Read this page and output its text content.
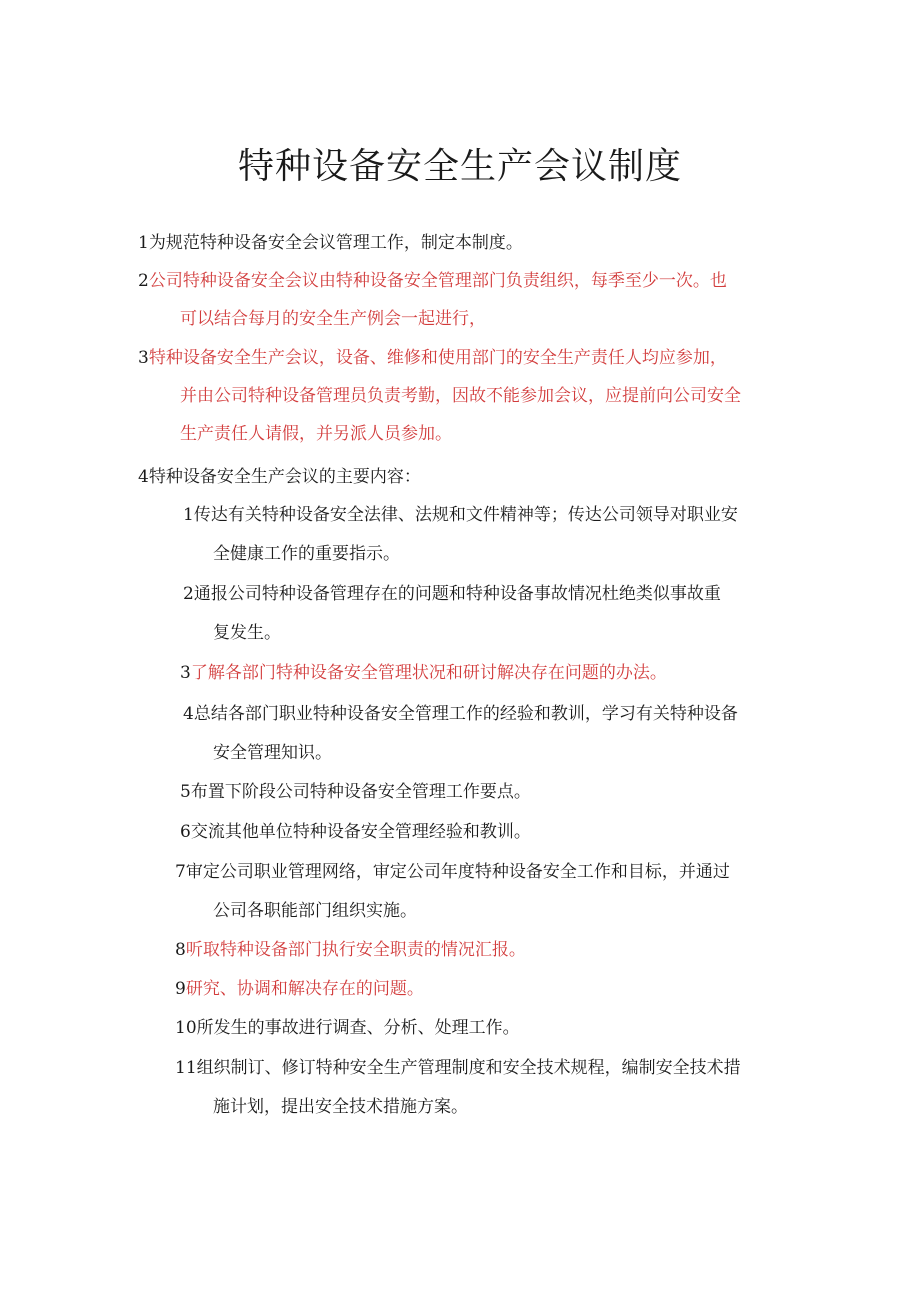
特种设备安全生产会议制度

1为规范特种设备安全会议管理工作，制定本制度。

2公司特种设备安全会议由特种设备安全管理部门负责组织，每季至少一次。也

可以结合每月的安全生产例会一起进行，

3特种设备安全生产会议，设备、维修和使用部门的安全生产责任人均应参加，

并由公司特种设备管理员负责考勤，因故不能参加会议，应提前向公司安全

生产责任人请假，并另派人员参加。

4特种设备安全生产会议的主要内容：

1传达有关特种设备安全法律、法规和文件精神等；传达公司领导对职业安

全健康工作的重要指示。

2通报公司特种设备管理存在的问题和特种设备事故情况杜绝类似事故重

复发生。

3了解各部门特种设备安全管理状况和研讨解决存在问题的办法。

4总结各部门职业特种设备安全管理工作的经验和教训，学习有关特种设备

安全管理知识。

5布置下阶段公司特种设备安全管理工作要点。

6交流其他单位特种设备安全管理经验和教训。

7审定公司职业管理网络，审定公司年度特种设备安全工作和目标，并通过

公司各职能部门组织实施。

8听取特种设备部门执行安全职责的情况汇报。

9研究、协调和解决存在的问题。

10所发生的事故进行调查、分析、处理工作。

11组织制订、修订特种安全生产管理制度和安全技术规程，编制安全技术措

施计划，提出安全技术措施方案。
